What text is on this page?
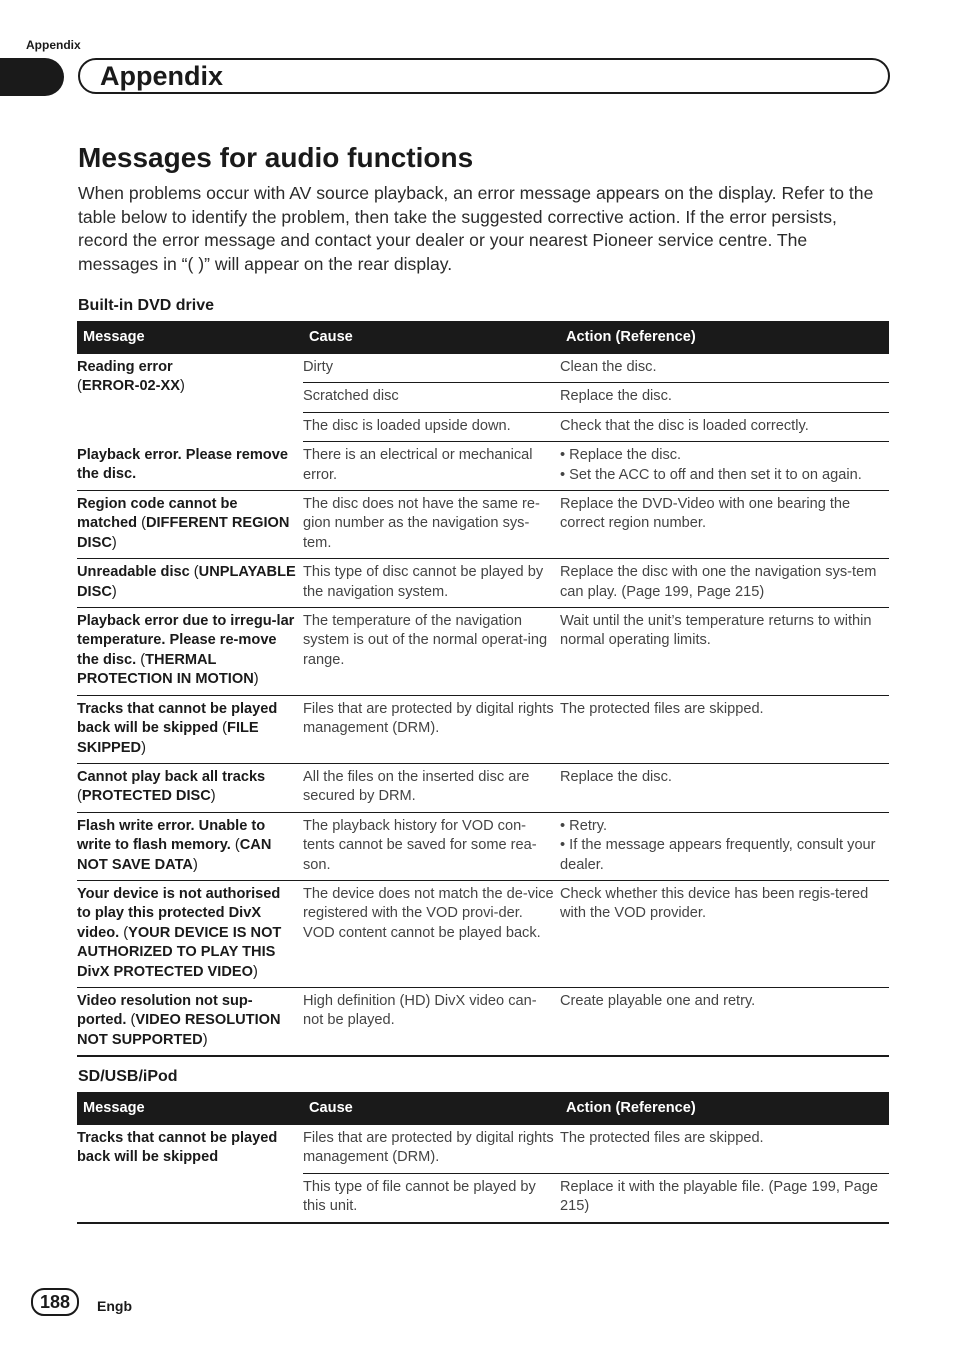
Appendix
Appendix
Messages for audio functions

When problems occur with AV source playback, an error message appears on the display. Refer to the table below to identify the problem, then take the suggested corrective action. If the error persists, record the error message and contact your dealer or your nearest Pioneer service centre. The messages in “( )” will appear on the rear display.

Built-in DVD drive
Message	Cause	Action (Reference)
Reading error
(ERROR-02-XX)	Dirty	Clean the disc.
	Scratched disc	Replace the disc.
	The disc is loaded upside down.	Check that the disc is loaded correctly.
Playback error. Please remove the disc.	There is an electrical or mechanical error.	• Replace the disc.
• Set the ACC to off and then set it to on again.
Region code cannot be matched (DIFFERENT REGION DISC)	The disc does not have the same re-gion number as the navigation sys-tem.	Replace the DVD-Video with one bearing the correct region number.
Unreadable disc (UNPLAYABLE DISC)	This type of disc cannot be played by the navigation system.	Replace the disc with one the navigation sys-tem can play. (Page 199, Page 215)
Playback error due to irregu-lar temperature. Please re-move the disc. (THERMAL PROTECTION IN MOTION)	The temperature of the navigation system is out of the normal operat-ing range.	Wait until the unit’s temperature returns to within normal operating limits.
Tracks that cannot be played back will be skipped (FILE SKIPPED)	Files that are protected by digital rights management (DRM).	The protected files are skipped.
Cannot play back all tracks (PROTECTED DISC)	All the files on the inserted disc are secured by DRM.	Replace the disc.
Flash write error. Unable to write to flash memory. (CAN NOT SAVE DATA)	The playback history for VOD con-tents cannot be saved for some rea-son.	• Retry.
• If the message appears frequently, consult your dealer.
Your device is not authorised to play this protected DivX video. (YOUR DEVICE IS NOT AUTHORIZED TO PLAY THIS DivX PROTECTED VIDEO)	The device does not match the de-vice registered with the VOD provi-der. VOD content cannot be played back.	Check whether this device has been regis-tered with the VOD provider.
Video resolution not sup-ported. (VIDEO RESOLUTION NOT SUPPORTED)	High definition (HD) DivX video can-not be played.	Create playable one and retry.
SD/USB/iPod
Message	Cause	Action (Reference)
Tracks that cannot be played back will be skipped	Files that are protected by digital rights management (DRM).	The protected files are skipped.
	This type of file cannot be played by this unit.	Replace it with the playable file. (Page 199, Page 215)
188	Engb
